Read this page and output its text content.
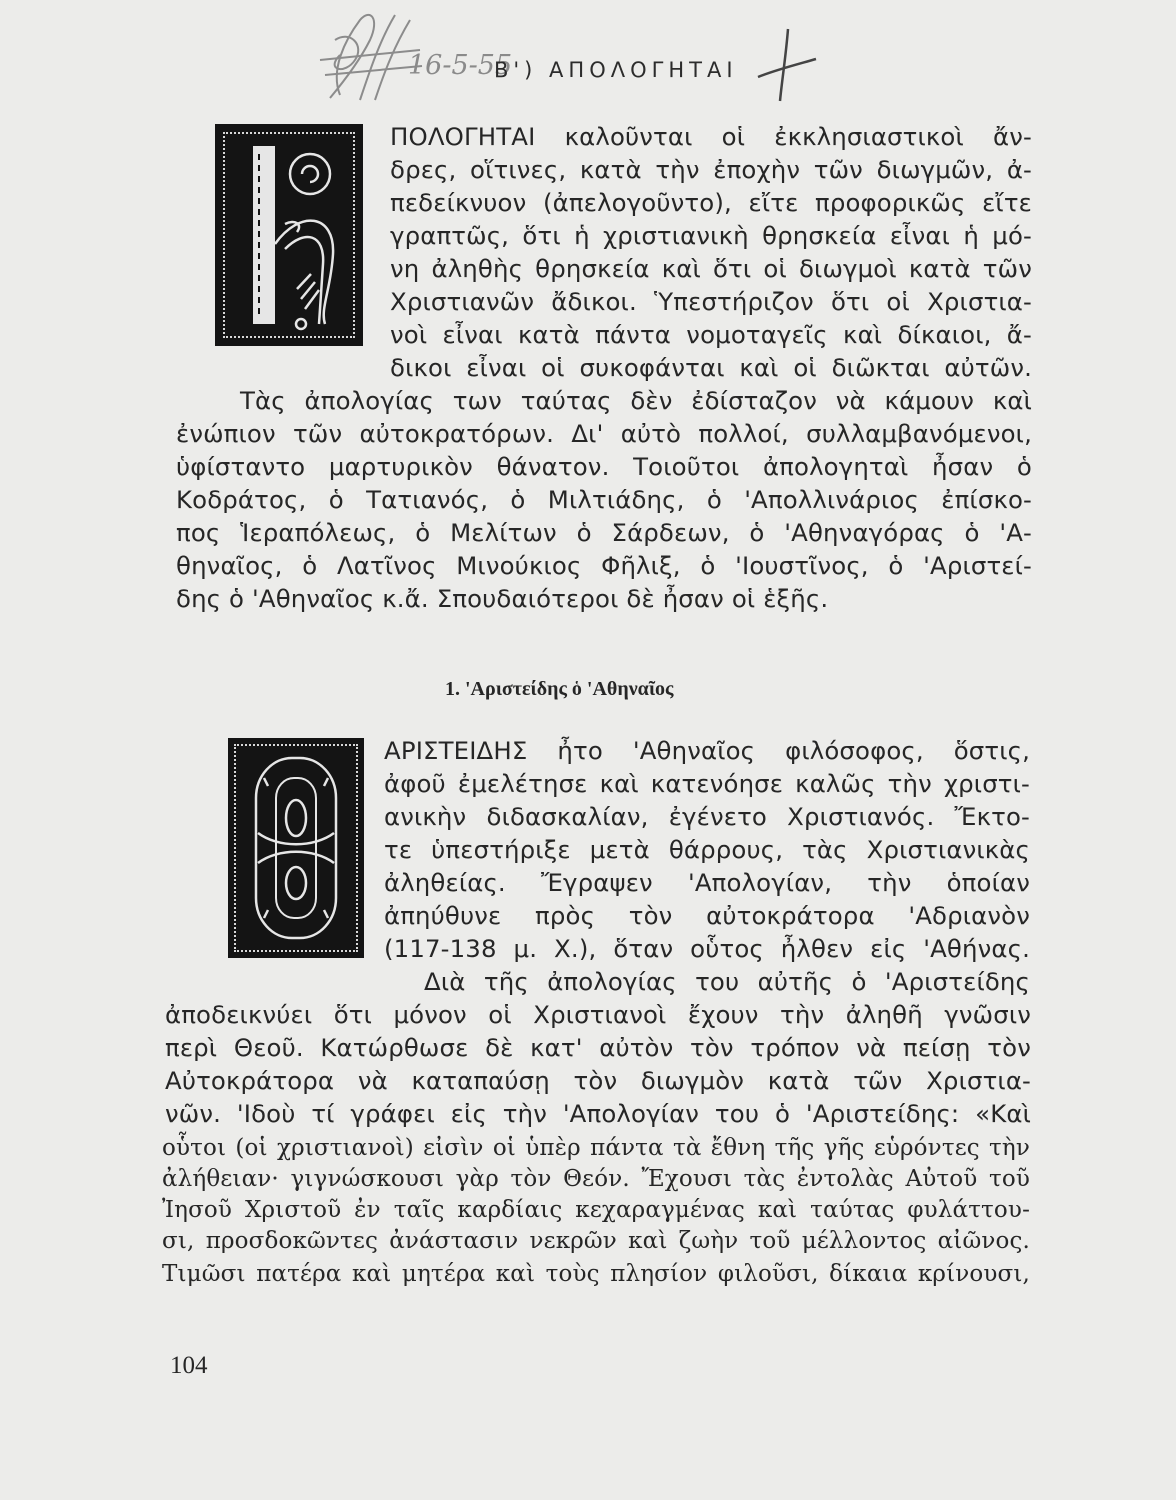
16-5-55
Β') ΑΠΟΛΟΓΗΤΑΙ
ΠΟΛΟΓΗΤΑΙ καλοῦνται οἱ ἐκκλησιαστικοὶ ἄν-
δρες, οἵτινες, κατὰ τὴν ἐποχὴν τῶν διωγμῶν, ἀ-
πεδείκνυον (ἀπελογοῦντο), εἴτε προφορικῶς εἴτε
γραπτῶς, ὅτι ἡ χριστιανικὴ θρησκεία εἶναι ἡ μό-
νη ἀληθὴς θρησκεία καὶ ὅτι οἱ διωγμοὶ κατὰ τῶν
Χριστιανῶν ἄδικοι. Ὑπεστήριζον ὅτι οἱ Χριστια-
νοὶ εἶναι κατὰ πάντα νομοταγεῖς καὶ δίκαιοι, ἄ-
δικοι εἶναι οἱ συκοφάνται καὶ οἱ διῶκται αὐτῶν.
Τὰς ἀπολογίας των ταύτας δὲν ἐδίσταζον νὰ κάμουν καὶ
ἐνώπιον τῶν αὐτοκρατόρων. Δι' αὐτὸ πολλοί, συλλαμβανόμενοι,
ὑφίσταντο μαρτυρικὸν θάνατον. Τοιοῦτοι ἀπολογηταὶ ἦσαν ὁ
Κοδράτος, ὁ Τατιανός, ὁ Μιλτιάδης, ὁ 'Απολλινάριος ἐπίσκο-
πος Ἱεραπόλεως, ὁ Μελίτων ὁ Σάρδεων, ὁ 'Αθηναγόρας ὁ 'Α-
θηναῖος, ὁ Λατῖνος Μινούκιος Φῆλιξ, ὁ 'Ιουστῖνος, ὁ 'Αριστεί-
δης ὁ 'Αθηναῖος κ.ἄ. Σπουδαιότεροι δὲ ἦσαν οἱ ἑξῆς.
1. 'Αριστείδης ὁ 'Αθηναῖος
ΑΡΙΣΤΕΙΔΗΣ ἦτο 'Αθηναῖος φιλόσοφος, ὅστις,
ἀφοῦ ἐμελέτησε καὶ κατενόησε καλῶς τὴν χριστι-
ανικὴν διδασκαλίαν, ἐγένετο Χριστιανός. Ἔκτο-
τε ὑπεστήριξε μετὰ θάρρους, τὰς Χριστιανικὰς
ἀληθείας. Ἔγραψεν 'Απολογίαν, τὴν ὁποίαν
ἀπηύθυνε πρὸς τὸν αὐτοκράτορα 'Αδριανὸν
(117-138 μ. Χ.), ὅταν οὗτος ἦλθεν εἰς 'Αθήνας.
Διὰ τῆς ἀπολογίας του αὐτῆς ὁ 'Αριστείδης
ἀποδεικνύει ὅτι μόνον οἱ Χριστιανοὶ ἔχουν τὴν ἀληθῆ γνῶσιν
περὶ Θεοῦ. Κατώρθωσε δὲ κατ' αὐτὸν τὸν τρόπον νὰ πείσῃ τὸν
Αὐτοκράτορα νὰ καταπαύσῃ τὸν διωγμὸν κατὰ τῶν Χριστια-
νῶν. 'Ιδοὺ τί γράφει εἰς τὴν 'Απολογίαν του ὁ 'Αριστείδης: «Καὶ
οὗτοι (οἱ χριστιανοὶ) εἰσὶν οἱ ὑπὲρ πάντα τὰ ἔθνη τῆς γῆς εὑρόντες τὴν
ἀλήθειαν· γιγνώσκουσι γὰρ τὸν Θεόν. Ἔχουσι τὰς ἐντολὰς Αὐτοῦ τοῦ
Ἰησοῦ Χριστοῦ ἐν ταῖς καρδίαις κεχαραγμένας καὶ ταύτας φυλάττου-
σι, προσδοκῶντες ἀνάστασιν νεκρῶν καὶ ζωὴν τοῦ μέλλοντος αἰῶνος.
Τιμῶσι πατέρα καὶ μητέρα καὶ τοὺς πλησίον φιλοῦσι, δίκαια κρίνουσι,
104
